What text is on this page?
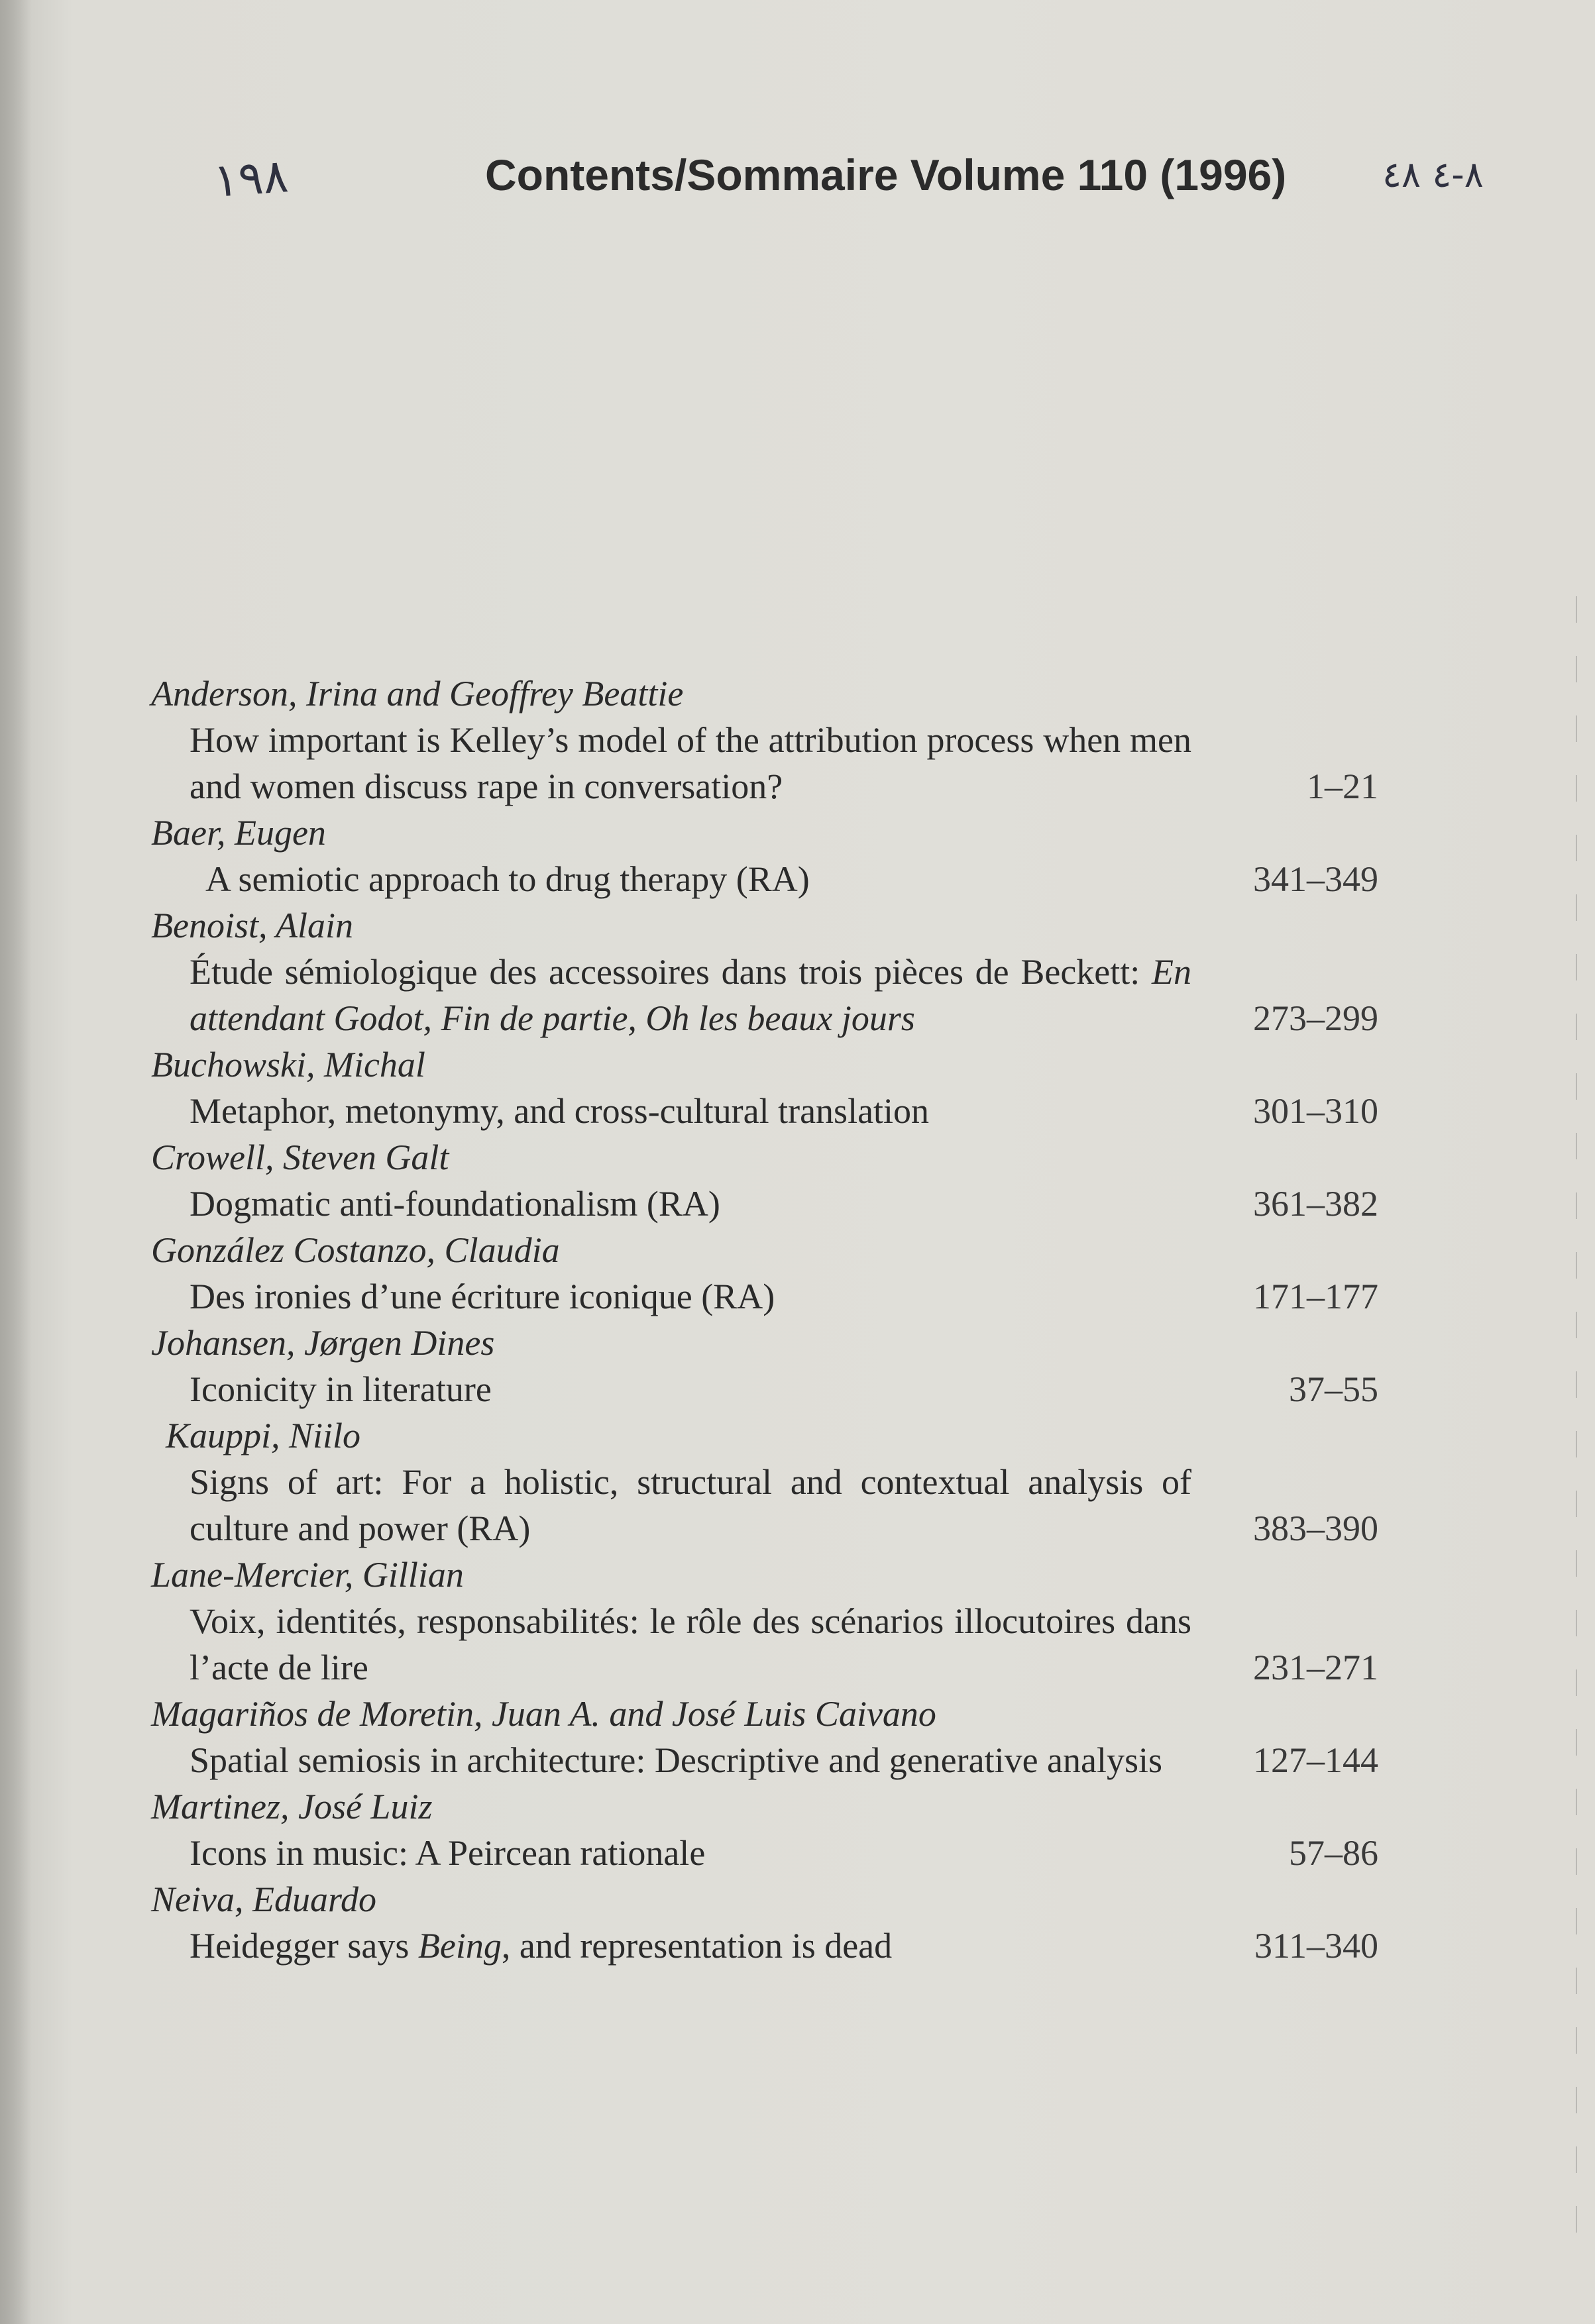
١٩٨	Contents/Sommaire Volume 110 (1996)	٨-٤ ٤٨
Anderson, Irina and Geoffrey Beattie
How important is Kelley’s model of the attribution process when men and women discuss rape in conversation?	1–21
Baer, Eugen
A semiotic approach to drug therapy (RA)	341–349
Benoist, Alain
Étude sémiologique des accessoires dans trois pièces de Beckett: En attendant Godot, Fin de partie, Oh les beaux jours	273–299
Buchowski, Michal
Metaphor, metonymy, and cross-cultural translation	301–310
Crowell, Steven Galt
Dogmatic anti-foundationalism (RA)	361–382
González Costanzo, Claudia
Des ironies d’une écriture iconique (RA)	171–177
Johansen, Jørgen Dines
Iconicity in literature	37–55
Kauppi, Niilo
Signs of art: For a holistic, structural and contextual analysis of culture and power (RA)	383–390
Lane-Mercier, Gillian
Voix, identités, responsabilités: le rôle des scénarios illocutoires dans l’acte de lire	231–271
Magariños de Moretin, Juan A. and José Luis Caivano
Spatial semiosis in architecture: Descriptive and generative analysis	127–144
Martinez, José Luiz
Icons in music: A Peircean rationale	57–86
Neiva, Eduardo
Heidegger says Being, and representation is dead	311–340
